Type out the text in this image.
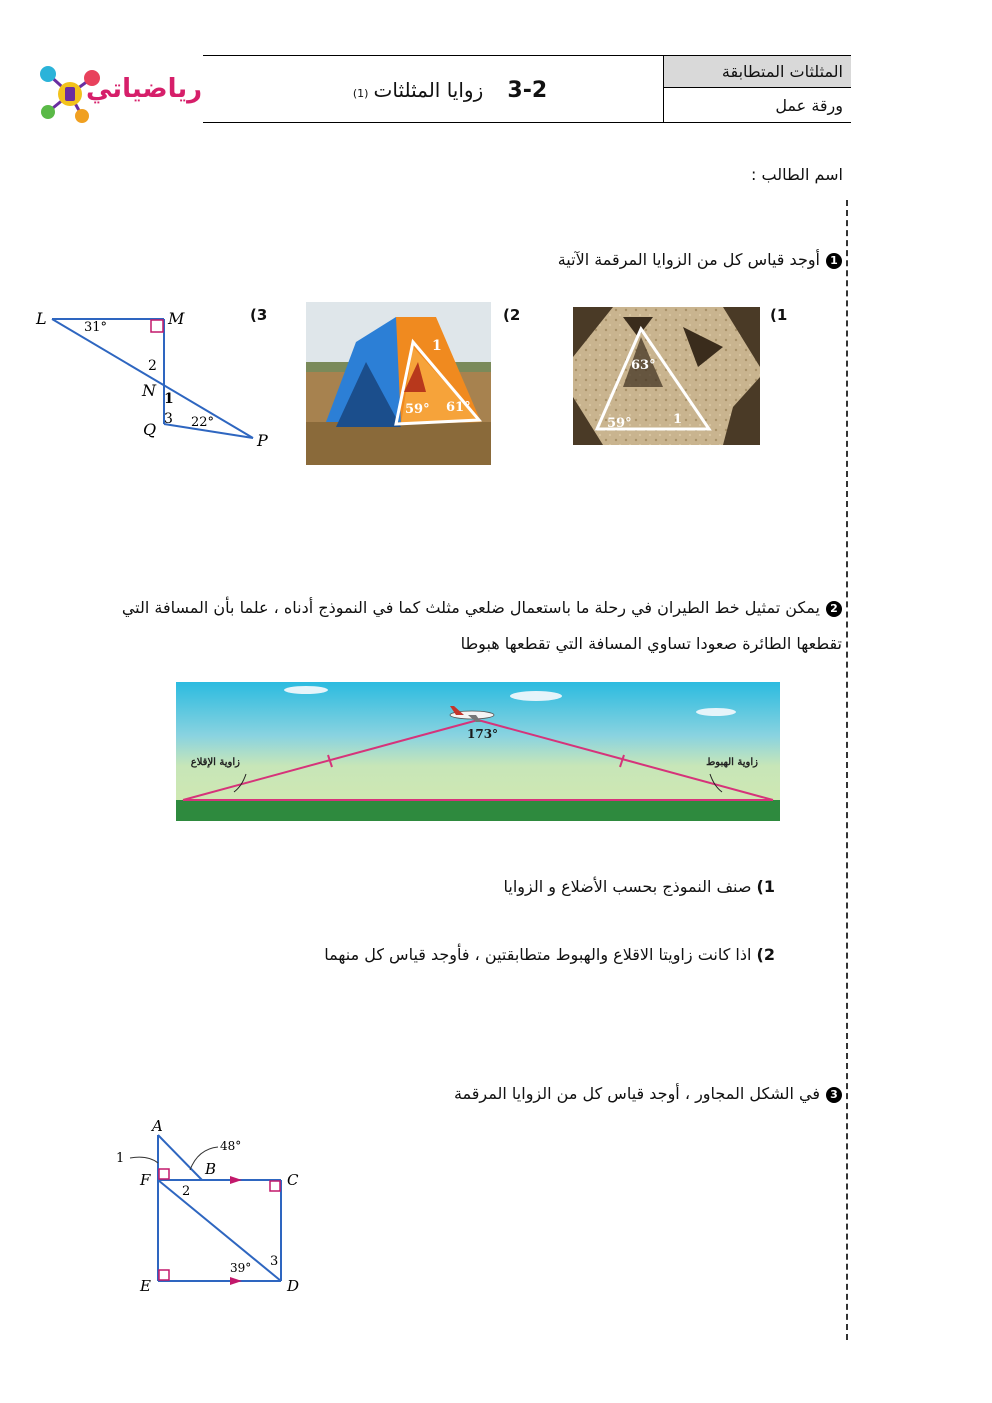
رياضياتي	3-2  زوايا المثلثات (1)
المثلثات المتطابقة
ورقة عمل
اسم الطالب :
1أوجد قياس كل من الزوايا المرقمة الآتية
(1
63°
59°	1
(2
1
59° 61°
(3
L	M
N
Q
P
31°
22°
2
1
3
2يمكن تمثيل خط الطيران في رحلة ما باستعمال ضلعي مثلث كما في النموذج أدناه ، علما بأن المسافة التي
تقطعها الطائرة صعودا تساوي المسافة التي تقطعها هبوطا
173°
زاوية الإقلاع	زاوية الهبوط
1) صنف النموذج بحسب الأضلاع و الزوايا
2) اذا كانت زاويتا الاقلاع والهبوط متطابقتين ، فأوجد قياس كل منهما
3في الشكل المجاور ، أوجد قياس كل من الزوايا المرقمة
A
B
C
D
E
F
48°
39°
1
2
3
